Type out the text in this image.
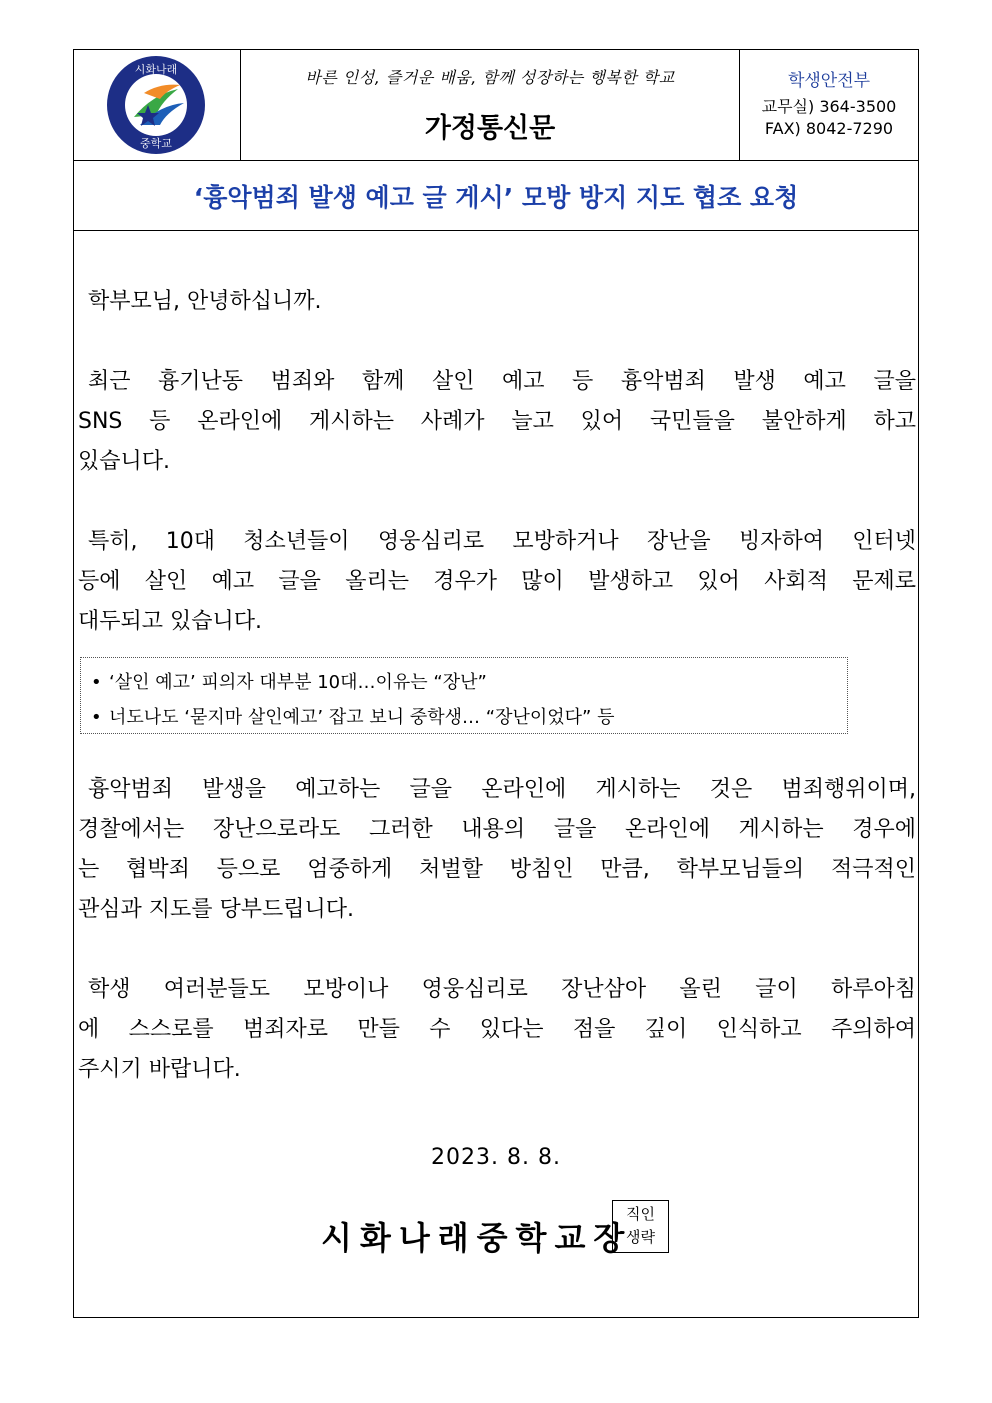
시화나래
중학교
바른 인성, 즐거운 배움, 함께 성장하는 행복한 학교
가정통신문
학생안전부
교무실) 364-3500
FAX) 8042-7290
‘흉악범죄 발생 예고 글 게시’ 모방 방지 지도 협조 요청
학부모님, 안녕하십니까.
최근 흉기난동 범죄와 함께 살인 예고 등 흉악범죄 발생 예고 글을
SNS 등 온라인에 게시하는 사례가 늘고 있어 국민들을 불안하게 하고
있습니다.
특히, 10대 청소년들이 영웅심리로 모방하거나 장난을 빙자하여 인터넷
등에 살인 예고 글을 올리는 경우가 많이 발생하고 있어 사회적 문제로
대두되고 있습니다.
• ‘살인 예고’ 피의자 대부분 10대…이유는 “장난”
• 너도나도 ‘묻지마 살인예고’ 잡고 보니 중학생… “장난이었다” 등
흉악범죄 발생을 예고하는 글을 온라인에 게시하는 것은 범죄행위이며,
경찰에서는 장난으로라도 그러한 내용의 글을 온라인에 게시하는 경우에
는 협박죄 등으로 엄중하게 처벌할 방침인 만큼, 학부모님들의 적극적인
관심과 지도를 당부드립니다.
학생 여러분들도 모방이나 영웅심리로 장난삼아 올린 글이 하루아침
에 스스로를 범죄자로 만들 수 있다는 점을 깊이 인식하고 주의하여
주시기 바랍니다.
2023. 8. 8.
시화나래중학교장
직인
생략
